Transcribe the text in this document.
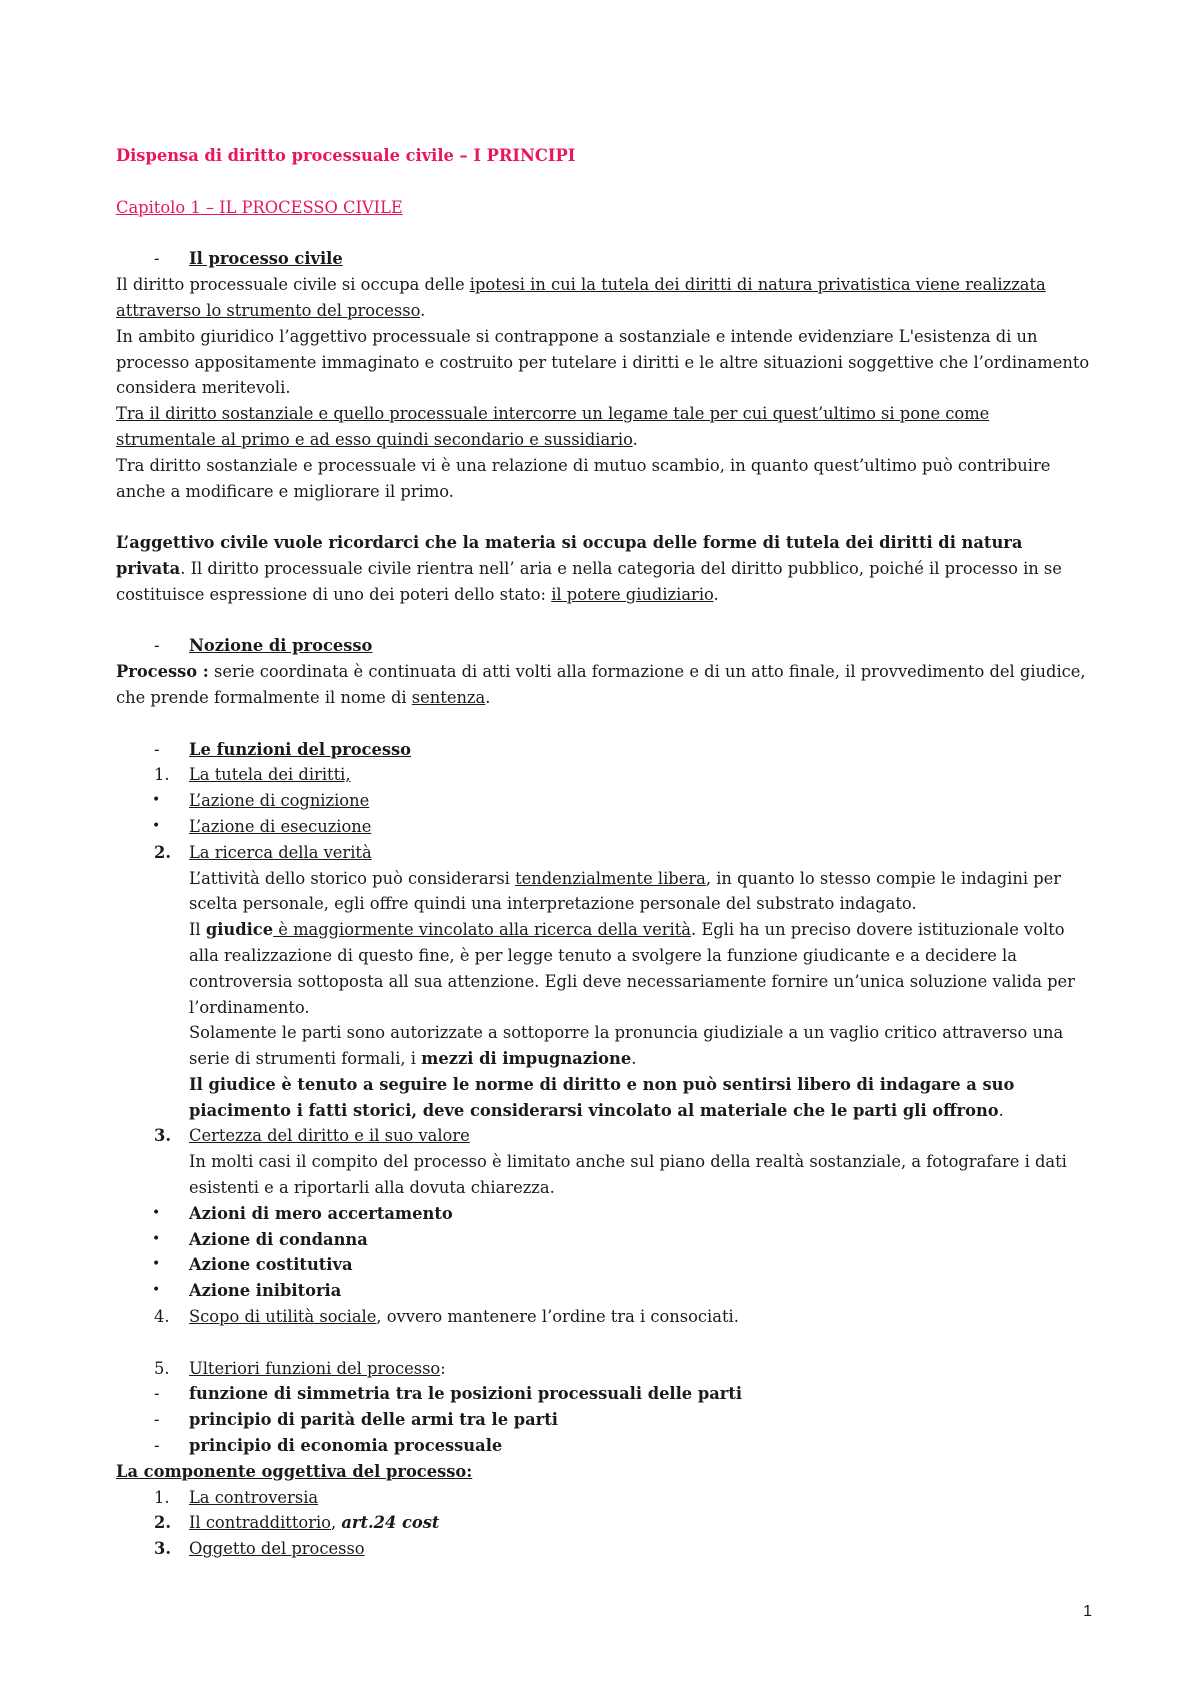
Dispensa di diritto processuale civile – I PRINCIPI

Capitolo 1 – IL PROCESSO CIVILE

- Il processo civile

Il diritto processuale civile si occupa delle ipotesi in cui la tutela dei diritti di natura privatistica viene realizzata attraverso lo strumento del processo.

In ambito giuridico l’aggettivo processuale si contrappone a sostanziale e intende evidenziare L'esistenza di un processo appositamente immaginato e costruito per tutelare i diritti e le altre situazioni soggettive che l’ordinamento considera meritevoli.

Tra il diritto sostanziale e quello processuale intercorre un legame tale per cui quest’ultimo si pone come strumentale al primo e ad esso quindi secondario e sussidiario.

Tra diritto sostanziale e processuale vi è una relazione di mutuo scambio, in quanto quest’ultimo può contribuire anche a modificare e migliorare il primo.

L’aggettivo civile vuole ricordarci che la materia si occupa delle forme di tutela dei diritti di natura privata. Il diritto processuale civile rientra nell’ aria e nella categoria del diritto pubblico, poiché il processo in se costituisce espressione di uno dei poteri dello stato: il potere giudiziario.

- Nozione di processo

Processo : serie coordinata è continuata di atti volti alla formazione e di un atto finale, il provvedimento del giudice, che prende formalmente il nome di sentenza.

- Le funzioni del processo

1. La tutela dei diritti,

• L’azione di cognizione

• L’azione di esecuzione

2. La ricerca della verità

L’attività dello storico può considerarsi tendenzialmente libera, in quanto lo stesso compie le indagini per scelta personale, egli offre quindi una interpretazione personale del substrato indagato.

Il giudice è maggiormente vincolato alla ricerca della verità. Egli ha un preciso dovere istituzionale volto alla realizzazione di questo fine, è per legge tenuto a svolgere la funzione giudicante e a decidere la controversia sottoposta all sua attenzione. Egli deve necessariamente fornire un’unica soluzione valida per l’ordinamento.

Solamente le parti sono autorizzate a sottoporre la pronuncia giudiziale a un vaglio critico attraverso una serie di strumenti formali, i mezzi di impugnazione.

Il giudice è tenuto a seguire le norme di diritto e non può sentirsi libero di indagare a suo piacimento i fatti storici, deve considerarsi vincolato al materiale che le parti gli offrono.

3. Certezza del diritto e il suo valore

In molti casi il compito del processo è limitato anche sul piano della realtà sostanziale, a fotografare i dati esistenti e a riportarli alla dovuta chiarezza.

• Azioni di mero accertamento

• Azione di condanna

• Azione costitutiva

• Azione inibitoria

4. Scopo di utilità sociale, ovvero mantenere l’ordine tra i consociati.

5. Ulteriori funzioni del processo:

- funzione di simmetria tra le posizioni processuali delle parti

- principio di parità delle armi tra le parti

- principio di economia processuale

La componente oggettiva del processo:

1. La controversia

2. Il contraddittorio, art.24 cost

3. Oggetto del processo

1
